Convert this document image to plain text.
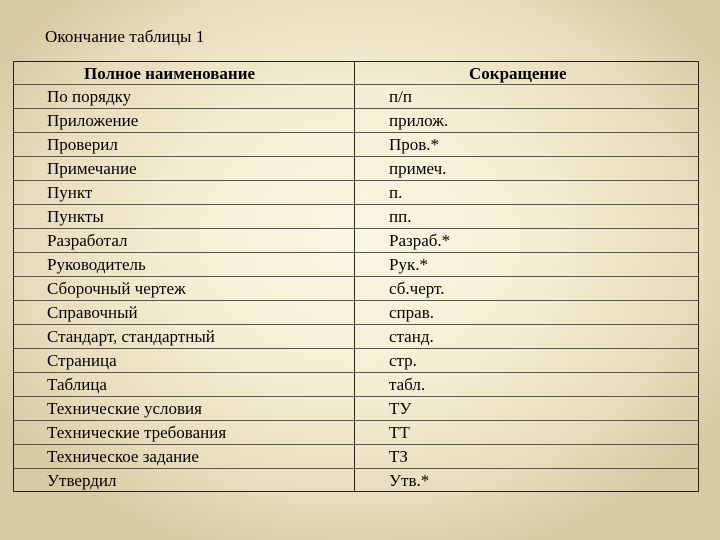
Окончание таблицы 1
Полное наименование
По порядку
Приложение
Проверил
Примечание
Пункт
Пункты
Разработал
Руководитель
Сборочный чертеж
Справочный
Стандарт, стандартный
Страница
Таблица
Технические условия
Технические требования
Техническое задание
Утвердил
Сокращение
п/п
прилож.
Пров.*
примеч.
п.
пп.
Разраб.*
Рук.*
сб.черт.
справ.
станд.
стр.
табл.
ТУ
ТТ
ТЗ
Утв.*
